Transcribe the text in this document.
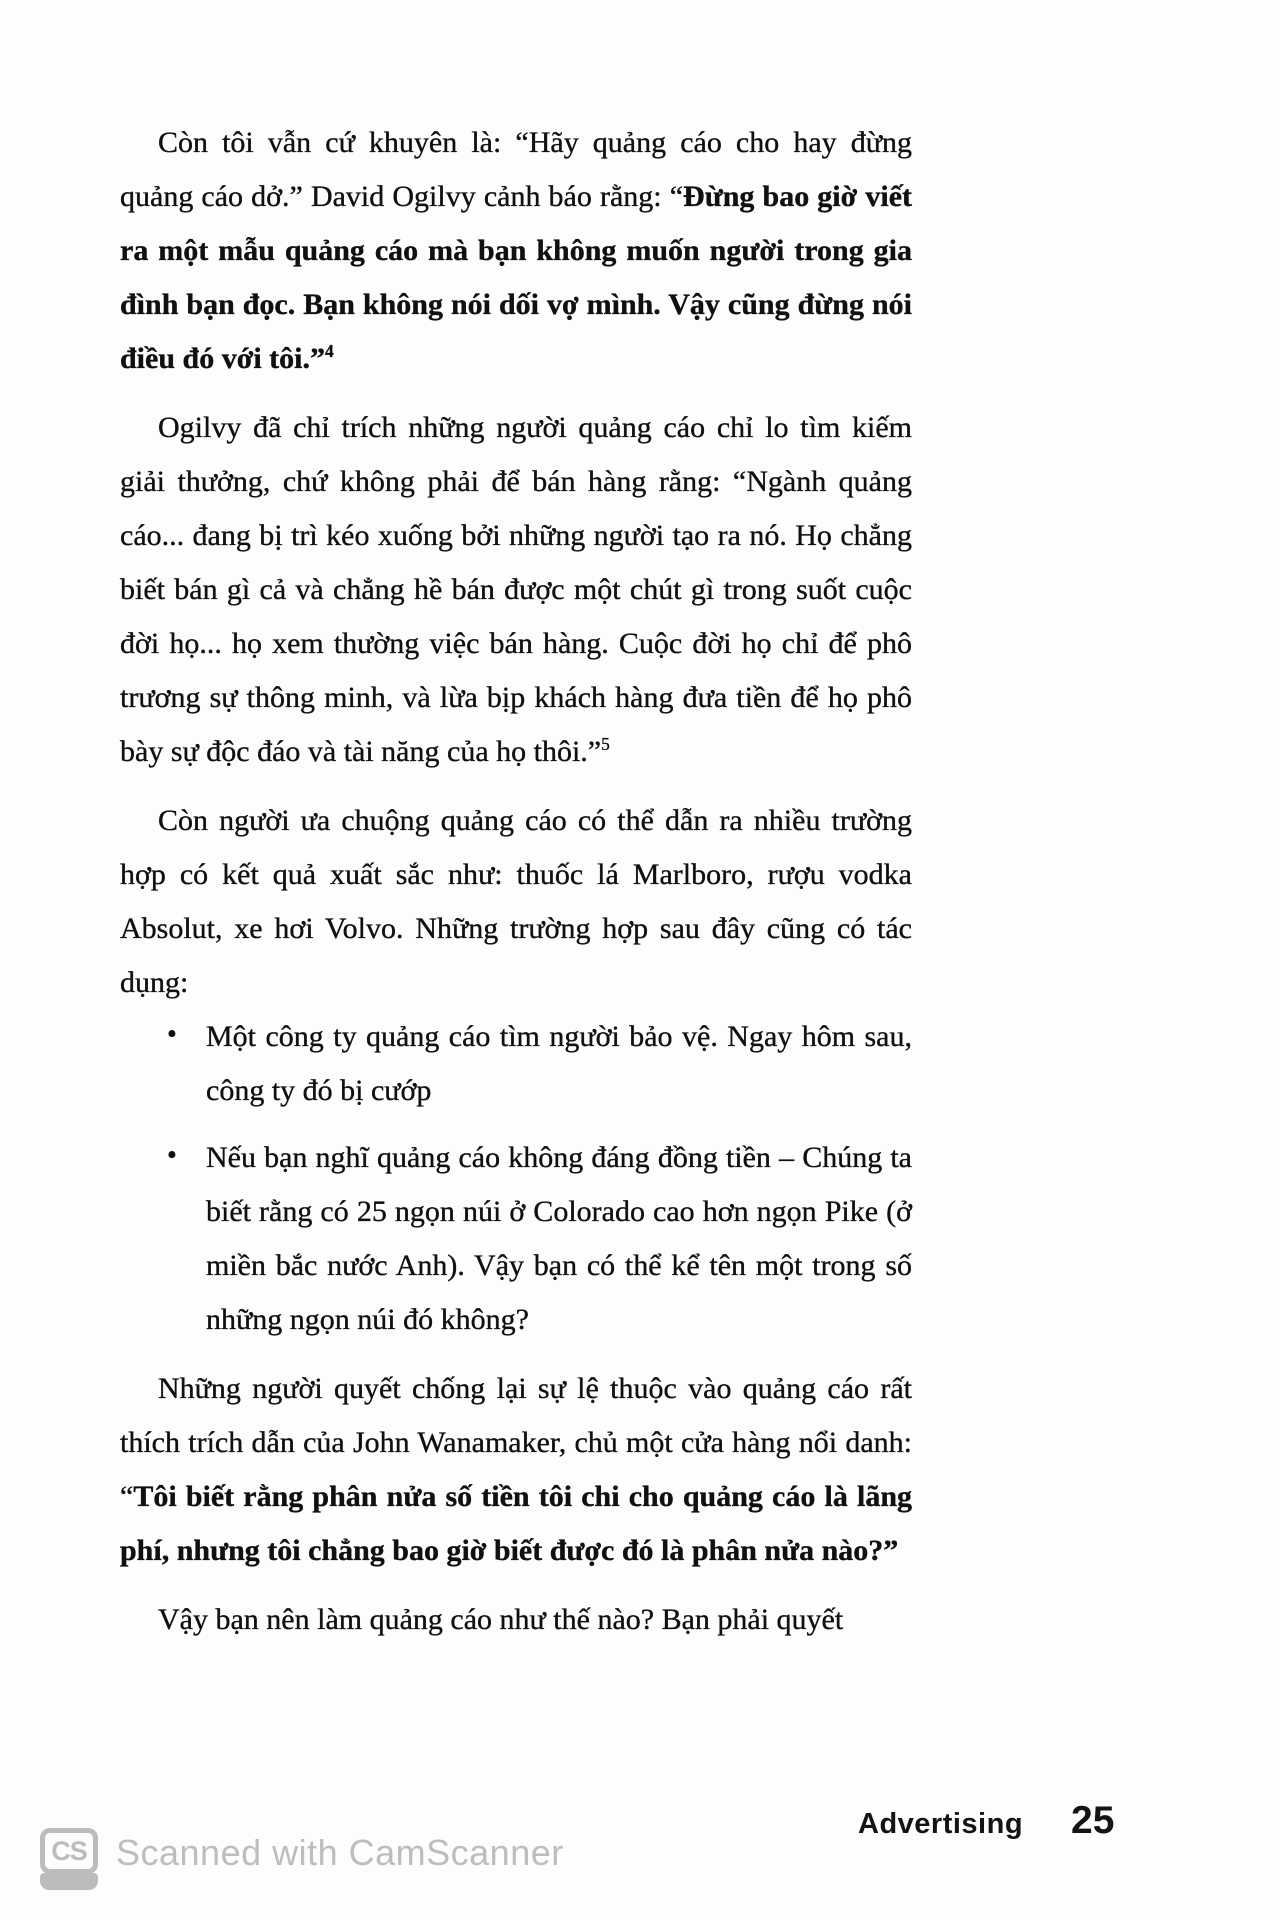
Còn tôi vẫn cứ khuyên là: “Hãy quảng cáo cho hay đừng quảng cáo dở.” David Ogilvy cảnh báo rằng: “Đừng bao giờ viết ra một mẫu quảng cáo mà bạn không muốn người trong gia đình bạn đọc. Bạn không nói dối vợ mình. Vậy cũng đừng nói điều đó với tôi.”$^4$

Ogilvy đã chỉ trích những người quảng cáo chỉ lo tìm kiếm giải thưởng, chứ không phải để bán hàng rằng: “Ngành quảng cáo... đang bị trì kéo xuống bởi những người tạo ra nó. Họ chẳng biết bán gì cả và chẳng hề bán được một chút gì trong suốt cuộc đời họ... họ xem thường việc bán hàng. Cuộc đời họ chỉ để phô trương sự thông minh, và lừa bịp khách hàng đưa tiền để họ phô bày sự độc đáo và tài năng của họ thôi.”$^5$

Còn người ưa chuộng quảng cáo có thể dẫn ra nhiều trường hợp có kết quả xuất sắc như: thuốc lá Marlboro, rượu vodka Absolut, xe hơi Volvo. Những trường hợp sau đây cũng có tác dụng:

• Một công ty quảng cáo tìm người bảo vệ. Ngay hôm sau, công ty đó bị cướp
• Nếu bạn nghĩ quảng cáo không đáng đồng tiền – Chúng ta biết rằng có 25 ngọn núi ở Colorado cao hơn ngọn Pike (ở miền bắc nước Anh). Vậy bạn có thể kể tên một trong số những ngọn núi đó không?

Những người quyết chống lại sự lệ thuộc vào quảng cáo rất thích trích dẫn của John Wanamaker, chủ một cửa hàng nổi danh: “Tôi biết rằng phân nửa số tiền tôi chi cho quảng cáo là lãng phí, nhưng tôi chẳng bao giờ biết được đó là phân nửa nào?”

Vậy bạn nên làm quảng cáo như thế nào? Bạn phải quyết

Advertising 25
CS Scanned with CamScanner
